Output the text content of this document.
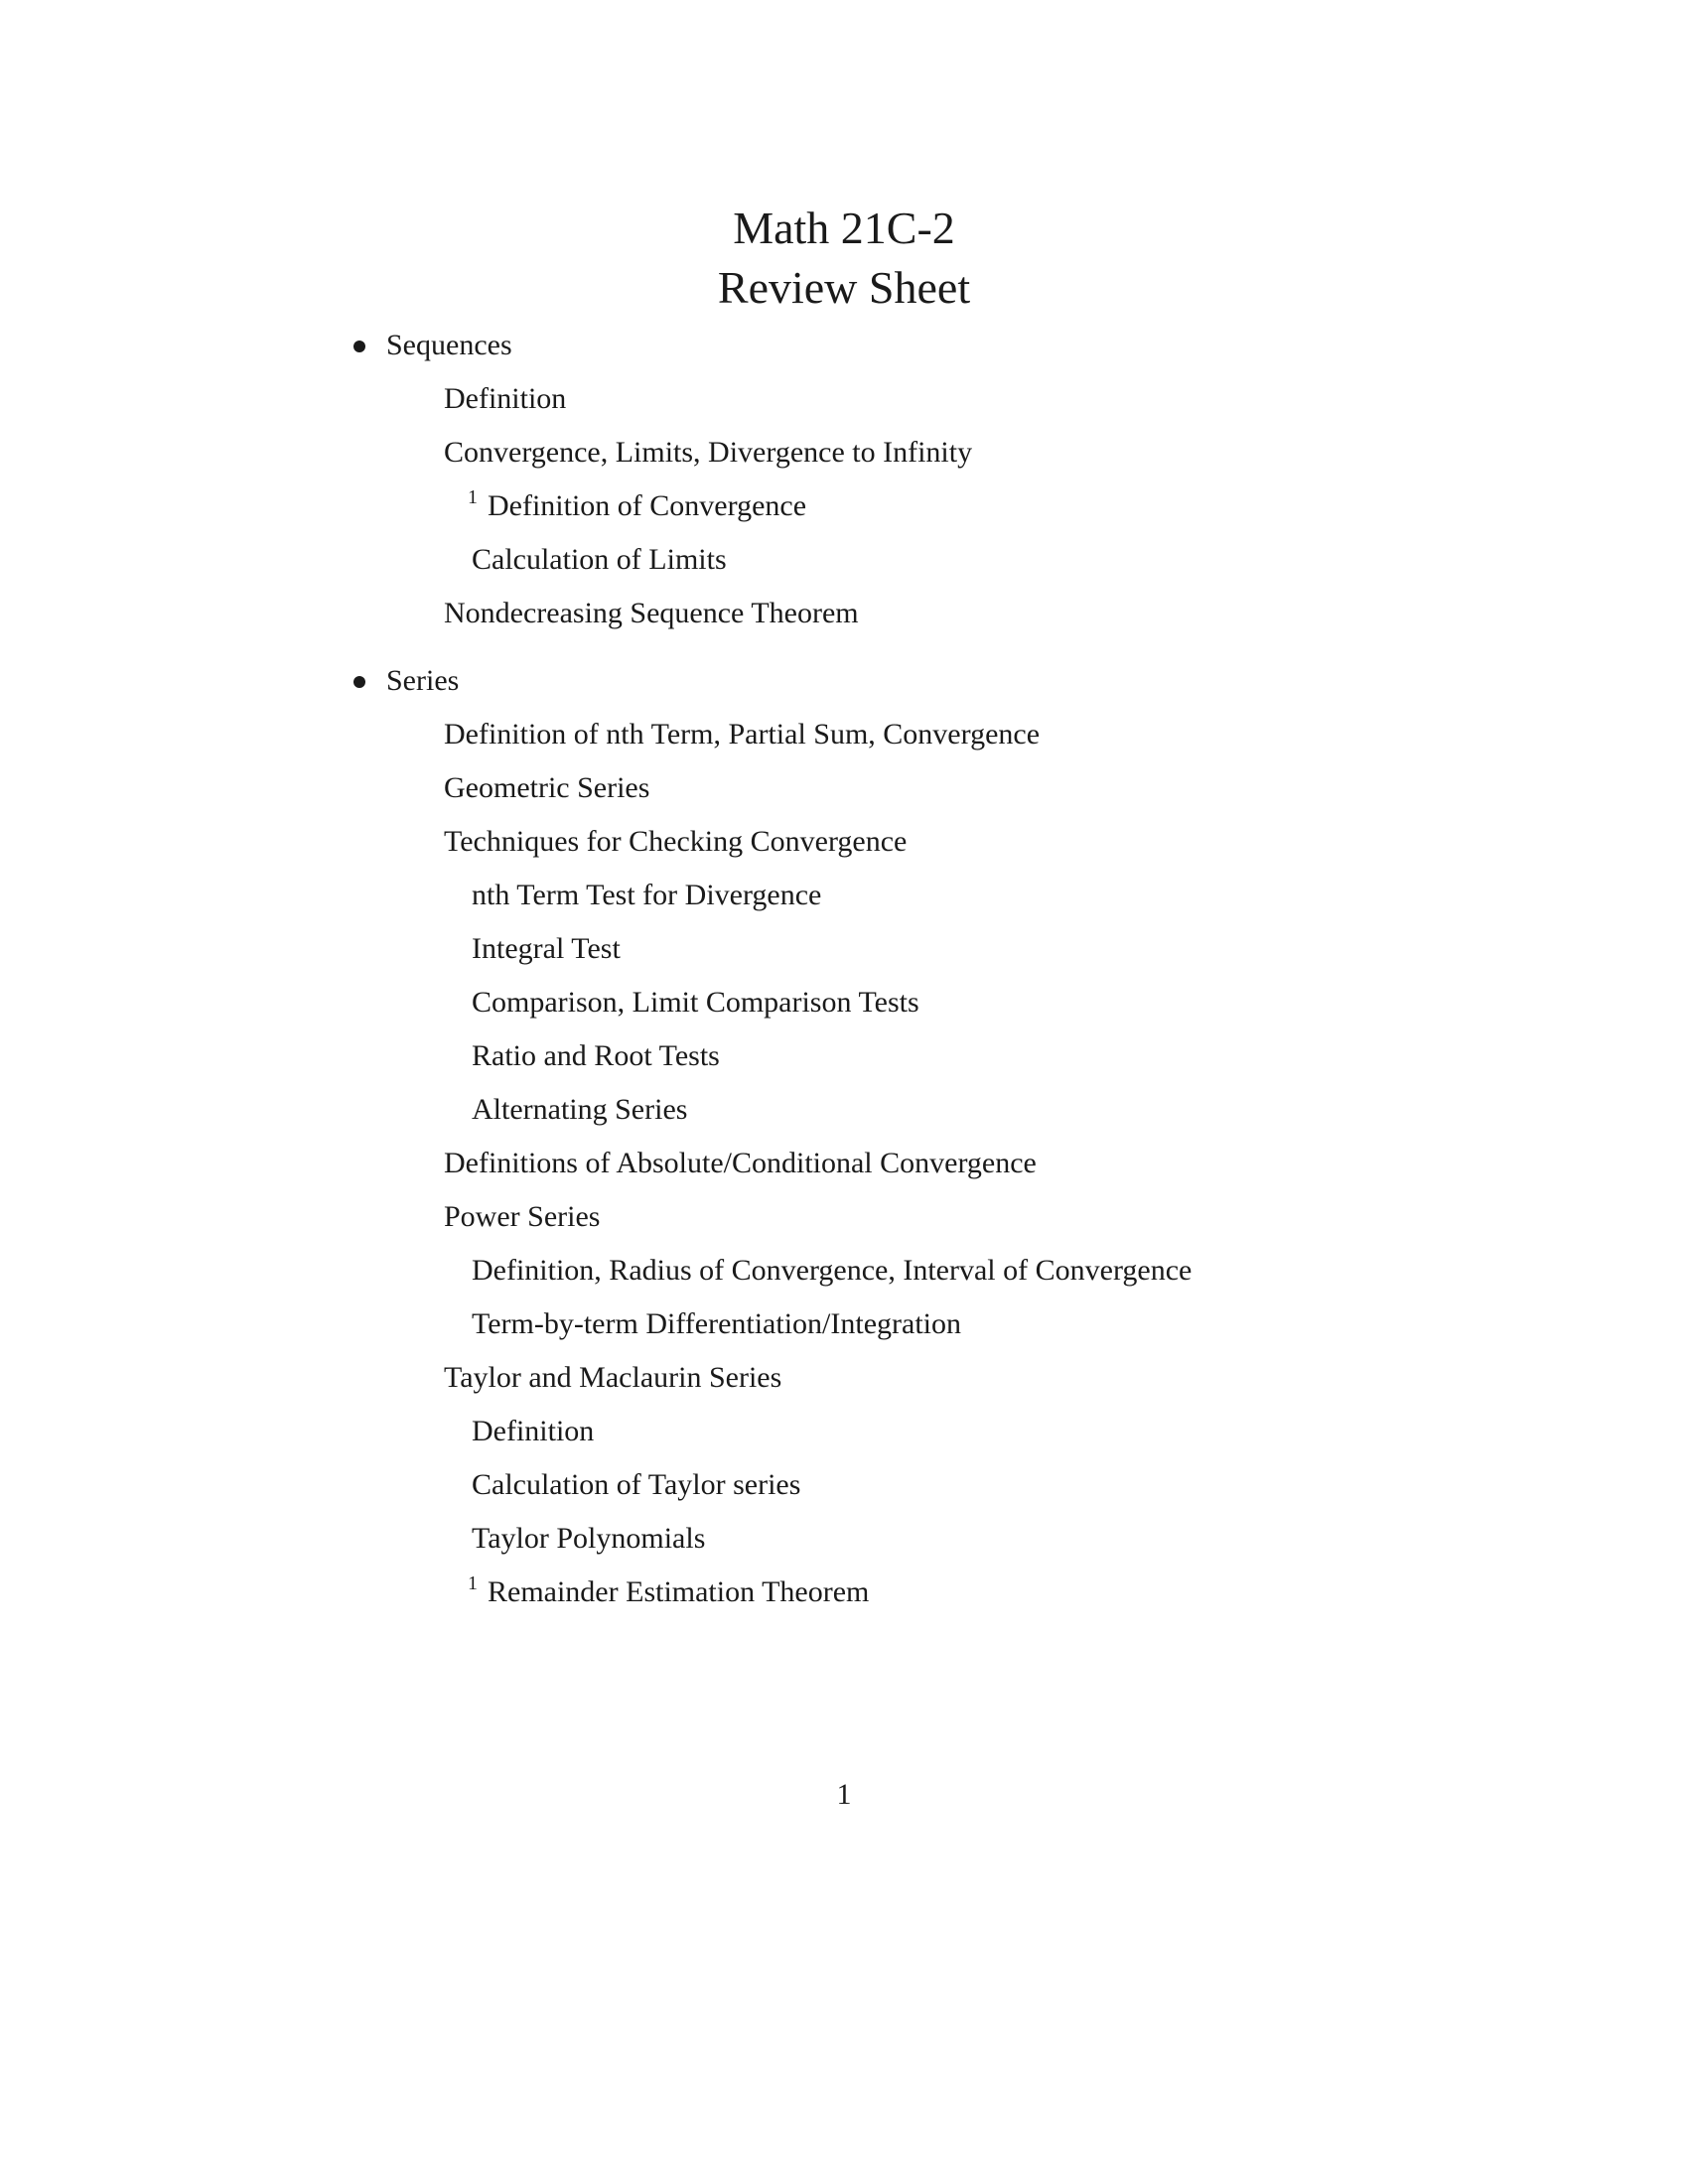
Math 21C-2
Review Sheet
Sequences
Definition
Convergence, Limits, Divergence to Infinity
$^1$ Definition of Convergence
Calculation of Limits
Nondecreasing Sequence Theorem
Series
Definition of nth Term, Partial Sum, Convergence
Geometric Series
Techniques for Checking Convergence
nth Term Test for Divergence
Integral Test
Comparison, Limit Comparison Tests
Ratio and Root Tests
Alternating Series
Definitions of Absolute/Conditional Convergence
Power Series
Definition, Radius of Convergence, Interval of Convergence
Term-by-term Differentiation/Integration
Taylor and Maclaurin Series
Definition
Calculation of Taylor series
Taylor Polynomials
$^1$ Remainder Estimation Theorem
1
